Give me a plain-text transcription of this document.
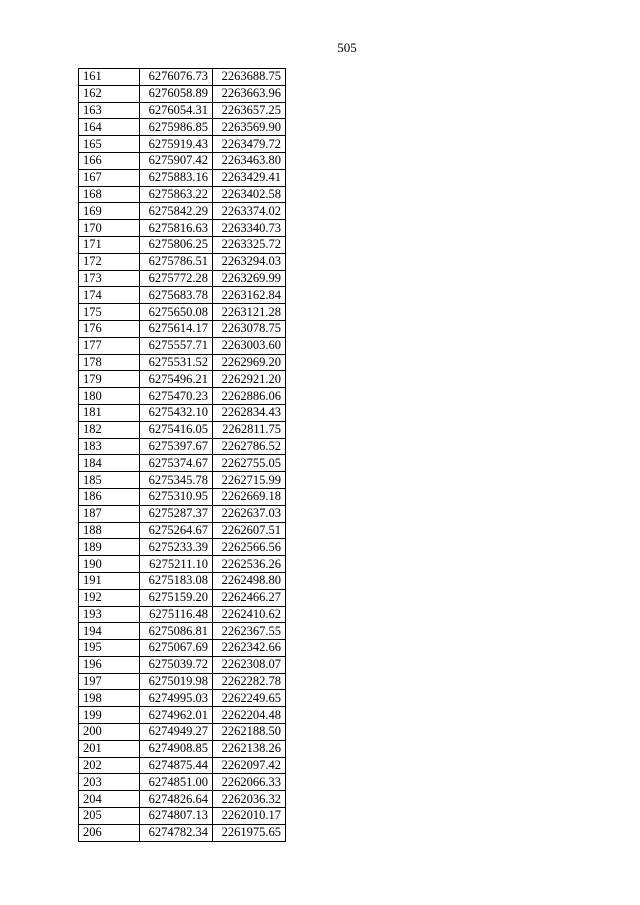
505
161	6276076.73	2263688.75
162	6276058.89	2263663.96
163	6276054.31	2263657.25
164	6275986.85	2263569.90
165	6275919.43	2263479.72
166	6275907.42	2263463.80
167	6275883.16	2263429.41
168	6275863.22	2263402.58
169	6275842.29	2263374.02
170	6275816.63	2263340.73
171	6275806.25	2263325.72
172	6275786.51	2263294.03
173	6275772.28	2263269.99
174	6275683.78	2263162.84
175	6275650.08	2263121.28
176	6275614.17	2263078.75
177	6275557.71	2263003.60
178	6275531.52	2262969.20
179	6275496.21	2262921.20
180	6275470.23	2262886.06
181	6275432.10	2262834.43
182	6275416.05	2262811.75
183	6275397.67	2262786.52
184	6275374.67	2262755.05
185	6275345.78	2262715.99
186	6275310.95	2262669.18
187	6275287.37	2262637.03
188	6275264.67	2262607.51
189	6275233.39	2262566.56
190	6275211.10	2262536.26
191	6275183.08	2262498.80
192	6275159.20	2262466.27
193	6275116.48	2262410.62
194	6275086.81	2262367.55
195	6275067.69	2262342.66
196	6275039.72	2262308.07
197	6275019.98	2262282.78
198	6274995.03	2262249.65
199	6274962.01	2262204.48
200	6274949.27	2262188.50
201	6274908.85	2262138.26
202	6274875.44	2262097.42
203	6274851.00	2262066.33
204	6274826.64	2262036.32
205	6274807.13	2262010.17
206	6274782.34	2261975.65
